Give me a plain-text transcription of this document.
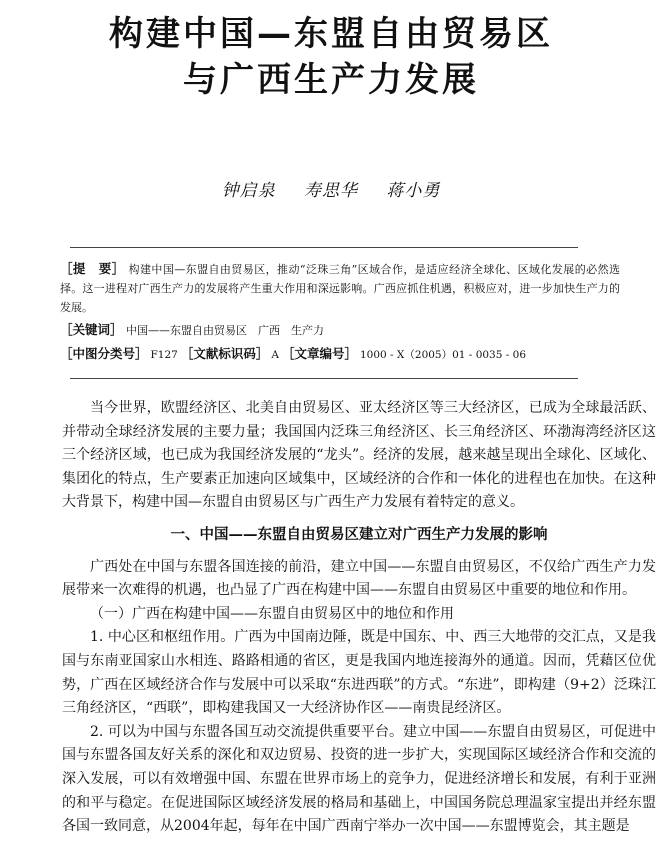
构建中国—东盟自由贸易区
与广西生产力发展
钟启泉 寿思华 蒋小勇

［提　要］ 构建中国—东盟自由贸易区，推动“泛珠三角”区域合作，是适应经济全球化、区域化发展的必然选择。这一进程对广西生产力的发展将产生重大作用和深远影响。广西应抓住机遇，积极应对，进一步加快生产力的发展。

［关键词］ 中国——东盟自由贸易区　广西　生产力

［中图分类号］ F127 ［文献标识码］ A ［文章编号］ 1000 - X（2005）01 - 0035 - 06

当今世界，欧盟经济区、北美自由贸易区、亚太经济区等三大经济区，已成为全球最活跃、并带动全球经济发展的主要力量；我国国内泛珠三角经济区、长三角经济区、环渤海湾经济区这三个经济区域，也已成为我国经济发展的“龙头”。经济的发展，越来越呈现出全球化、区域化、集团化的特点，生产要素正加速向区域集中，区域经济的合作和一体化的进程也在加快。在这种大背景下，构建中国—东盟自由贸易区与广西生产力发展有着特定的意义。

一、中国——东盟自由贸易区建立对广西生产力发展的影响

广西处在中国与东盟各国连接的前沿，建立中国——东盟自由贸易区，不仅给广西生产力发展带来一次难得的机遇，也凸显了广西在构建中国——东盟自由贸易区中重要的地位和作用。

（一）广西在构建中国——东盟自由贸易区中的地位和作用

1. 中心区和枢纽作用。广西为中国南边陲，既是中国东、中、西三大地带的交汇点，又是我国与东南亚国家山水相连、路路相通的省区，更是我国内地连接海外的通道。因而，凭藉区位优势，广西在区域经济合作与发展中可以采取“东进西联”的方式。“东进”，即构建（9+2）泛珠江三角经济区，“西联”，即构建我国又一大经济协作区——南贵昆经济区。

2. 可以为中国与东盟各国互动交流提供重要平台。建立中国——东盟自由贸易区，可促进中国与东盟各国友好关系的深化和双边贸易、投资的进一步扩大，实现国际区域经济合作和交流的深入发展，可以有效增强中国、东盟在世界市场上的竞争力，促进经济增长和发展，有利于亚洲的和平与稳定。在促进国际区域经济发展的格局和基础上，中国国务院总理温家宝提出并经东盟各国一致同意，从2004年起，每年在中国广西南宁举办一次中国——东盟博览会，其主题是
